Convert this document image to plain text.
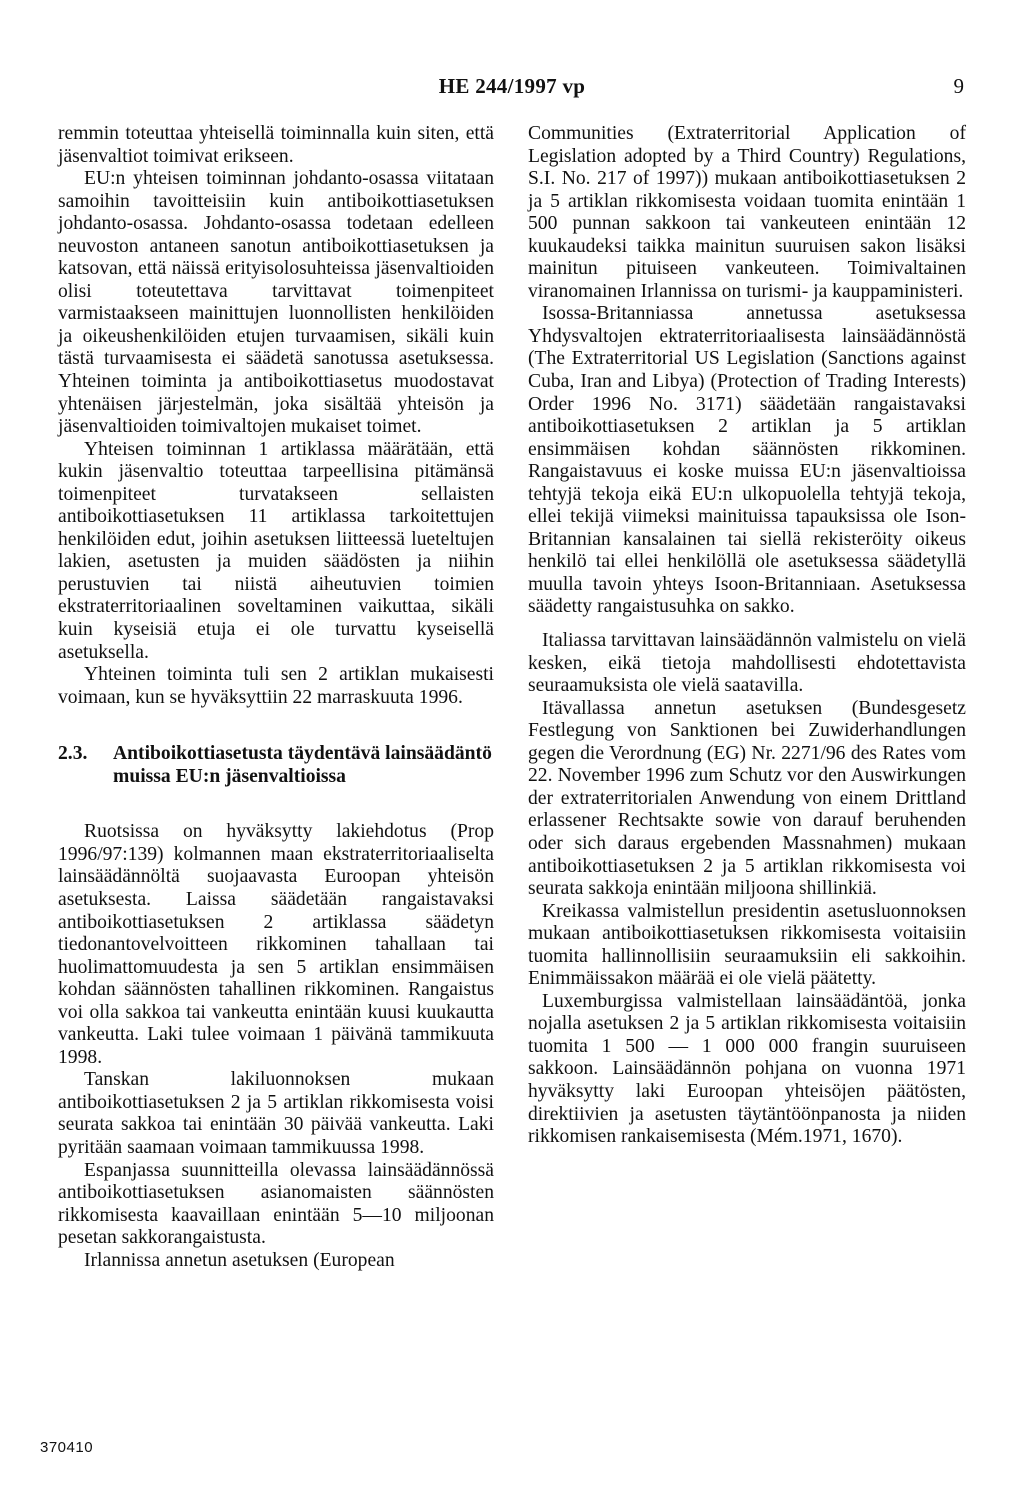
HE 244/1997 vp	9

remmin toteuttaa yhteisellä toiminnalla kuin siten, että jäsenvaltiot toimivat erikseen.

EU:n yhteisen toiminnan johdanto-osassa viitataan samoihin tavoitteisiin kuin antiboikottiasetuksen johdanto-osassa. Johdanto-osassa todetaan edelleen neuvoston antaneen sanotun antiboikottiasetuksen ja katsovan, että näissä erityisolosuhteissa jäsenvaltioiden olisi toteutettava tarvittavat toimenpiteet varmistaakseen mainittujen luonnollisten henkilöiden ja oikeushenkilöiden etujen turvaamisen, sikäli kuin tästä turvaamisesta ei säädetä sanotussa asetuksessa. Yhteinen toiminta ja antiboikottiasetus muodostavat yhtenäisen järjestelmän, joka sisältää yhteisön ja jäsenvaltioiden toimivaltojen mukaiset toimet.

Yhteisen toiminnan 1 artiklassa määrätään, että kukin jäsenvaltio toteuttaa tarpeellisina pitämänsä toimenpiteet turvatakseen sellaisten antiboikottiasetuksen 11 artiklassa tarkoitettujen henkilöiden edut, joihin asetuksen liitteessä lueteltujen lakien, asetusten ja muiden säädösten ja niihin perustuvien tai niistä aiheutuvien toimien ekstraterritoriaalinen soveltaminen vaikuttaa, sikäli kuin kyseisiä etuja ei ole turvattu kyseisellä asetuksella.

Yhteinen toiminta tuli sen 2 artiklan mukaisesti voimaan, kun se hyväksyttiin 22 marraskuuta 1996.

2.3. Antiboikottiasetusta täydentävä lainsäädäntö muissa EU:n jäsenvaltioissa

Ruotsissa on hyväksytty lakiehdotus (Prop 1996/97:139) kolmannen maan ekstraterritoriaaliselta lainsäädännöltä suojaavasta Euroopan yhteisön asetuksesta. Laissa säädetään rangaistavaksi antiboikottiasetuksen 2 artiklassa säädetyn tiedonantovelvoitteen rikkominen tahallaan tai huolimattomuudesta ja sen 5 artiklan ensimmäisen kohdan säännösten tahallinen rikkominen. Rangaistus voi olla sakkoa tai vankeutta enintään kuusi kuukautta vankeutta. Laki tulee voimaan 1 päivänä tammikuuta 1998.

Tanskan lakiluonnoksen mukaan antiboikottiasetuksen 2 ja 5 artiklan rikkomisesta voisi seurata sakkoa tai enintään 30 päivää vankeutta. Laki pyritään saamaan voimaan tammikuussa 1998.

Espanjassa suunnitteilla olevassa lainsäädännössä antiboikottiasetuksen asianomaisten säännösten rikkomisesta kaavaillaan enintään 5—10 miljoonan pesetan sakkorangaistusta.

Irlannissa annetun asetuksen (European

Communities (Extraterritorial Application of Legislation adopted by a Third Country) Regulations, S.I. No. 217 of 1997)) mukaan antiboikottiasetuksen 2 ja 5 artiklan rikkomisesta voidaan tuomita enintään 1 500 punnan sakkoon tai vankeuteen enintään 12 kuukaudeksi taikka mainitun suuruisen sakon lisäksi mainitun pituiseen vankeuteen. Toimivaltainen viranomainen Irlannissa on turismi- ja kauppaministeri.

Isossa-Britanniassa annetussa asetuksessa Yhdysvaltojen ektraterritoriaalisesta lainsäädännöstä (The Extraterritorial US Legislation (Sanctions against Cuba, Iran and Libya) (Protection of Trading Interests) Order 1996 No. 3171) säädetään rangaistavaksi antiboikottiasetuksen 2 artiklan ja 5 artiklan ensimmäisen kohdan säännösten rikkominen. Rangaistavuus ei koske muissa EU:n jäsenvaltioissa tehtyjä tekoja eikä EU:n ulkopuolella tehtyjä tekoja, ellei tekijä viimeksi mainituissa tapauksissa ole Ison-Britannian kansalainen tai siellä rekisteröity oikeus henkilö tai ellei henkilöllä ole asetuksessa säädetyllä muulla tavoin yhteys Isoon-Britanniaan. Asetuksessa säädetty rangaistusuhka on sakko.

Italiassa tarvittavan lainsäädännön valmistelu on vielä kesken, eikä tietoja mahdollisesti ehdotettavista seuraamuksista ole vielä saatavilla.

Itävallassa annetun asetuksen (Bundesgesetz Festlegung von Sanktionen bei Zuwiderhandlungen gegen die Verordnung (EG) Nr. 2271/96 des Rates vom 22. November 1996 zum Schutz vor den Auswirkungen der extraterritorialen Anwendung von einem Drittland erlassener Rechtsakte sowie von darauf beruhenden oder sich daraus ergebenden Massnahmen) mukaan antiboikottiasetuksen 2 ja 5 artiklan rikkomisesta voi seurata sakkoja enintään miljoona shillinkiä.

Kreikassa valmistellun presidentin asetusluonnoksen mukaan antiboikottiasetuksen rikkomisesta voitaisiin tuomita hallinnollisiin seuraamuksiin eli sakkoihin. Enimmäissakon määrää ei ole vielä päätetty.

Luxemburgissa valmistellaan lainsäädäntöä, jonka nojalla asetuksen 2 ja 5 artiklan rikkomisesta voitaisiin tuomita 1 500 — 1 000 000 frangin suuruiseen sakkoon. Lainsäädännön pohjana on vuonna 1971 hyväksytty laki Euroopan yhteisöjen päätösten, direktiivien ja asetusten täytäntöönpanosta ja niiden rikkomisen rankaisemisesta (Mém.1971, 1670).

370410
